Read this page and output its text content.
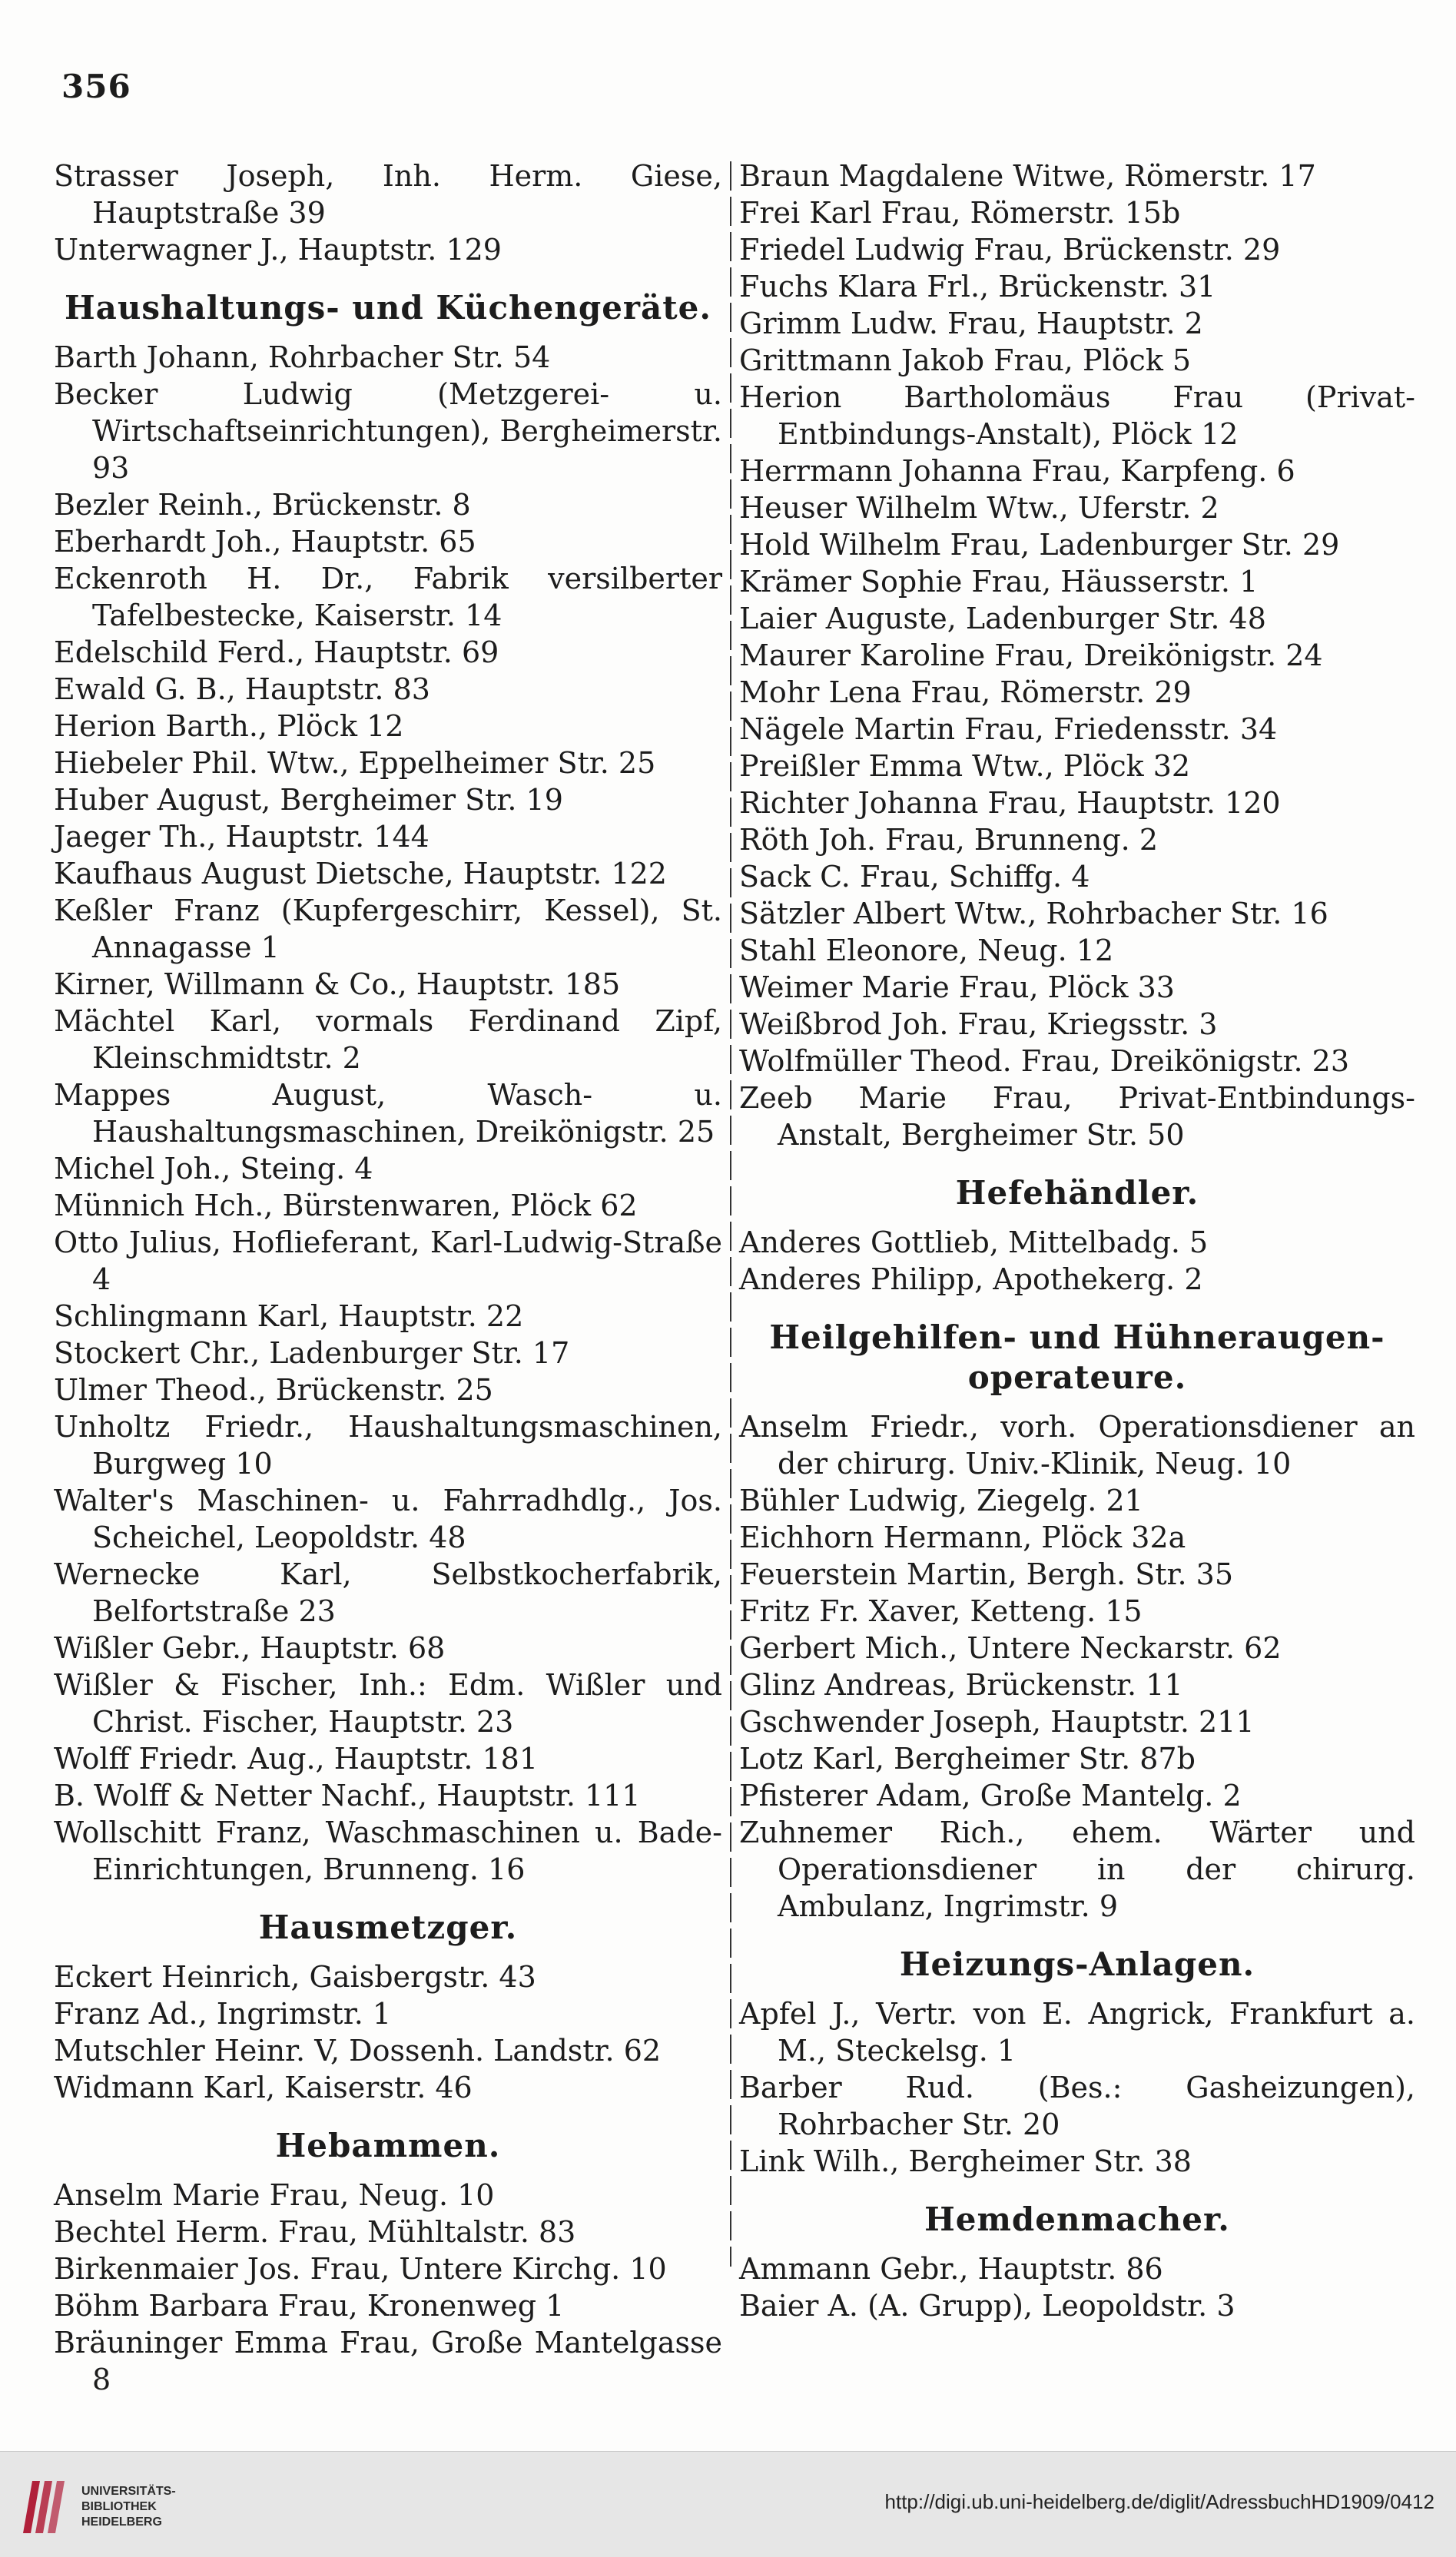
356
Strasser Joseph, Inh. Herm. Giese, Hauptstraße 39
Unterwagner J., Hauptstr. 129
Haushaltungs- und Küchengeräte.
Barth Johann, Rohrbacher Str. 54
Becker Ludwig (Metzgerei- u. Wirtschaftseinrichtungen), Bergheimerstr. 93
Bezler Reinh., Brückenstr. 8
Eberhardt Joh., Hauptstr. 65
Eckenroth H. Dr., Fabrik versilberter Tafelbestecke, Kaiserstr. 14
Edelschild Ferd., Hauptstr. 69
Ewald G. B., Hauptstr. 83
Herion Barth., Plöck 12
Hiebeler Phil. Wtw., Eppelheimer Str. 25
Huber August, Bergheimer Str. 19
Jaeger Th., Hauptstr. 144
Kaufhaus August Dietsche, Hauptstr. 122
Keßler Franz (Kupfergeschirr, Kessel), St. Annagasse 1
Kirner, Willmann & Co., Hauptstr. 185
Mächtel Karl, vormals Ferdinand Zipf, Kleinschmidtstr. 2
Mappes August, Wasch- u. Haushaltungsmaschinen, Dreikönigstr. 25
Michel Joh., Steing. 4
Münnich Hch., Bürstenwaren, Plöck 62
Otto Julius, Hoflieferant, Karl-Ludwig-Straße 4
Schlingmann Karl, Hauptstr. 22
Stockert Chr., Ladenburger Str. 17
Ulmer Theod., Brückenstr. 25
Unholtz Friedr., Haushaltungsmaschinen, Burgweg 10
Walter's Maschinen- u. Fahrradhdlg., Jos. Scheichel, Leopoldstr. 48
Wernecke Karl, Selbstkocherfabrik, Belfortstraße 23
Wißler Gebr., Hauptstr. 68
Wißler & Fischer, Inh.: Edm. Wißler und Christ. Fischer, Hauptstr. 23
Wolff Friedr. Aug., Hauptstr. 181
B. Wolff & Netter Nachf., Hauptstr. 111
Wollschitt Franz, Waschmaschinen u. Bade-Einrichtungen, Brunneng. 16
Hausmetzger.
Eckert Heinrich, Gaisbergstr. 43
Franz Ad., Ingrimstr. 1
Mutschler Heinr. V, Dossenh. Landstr. 62
Widmann Karl, Kaiserstr. 46
Hebammen.
Anselm Marie Frau, Neug. 10
Bechtel Herm. Frau, Mühltalstr. 83
Birkenmaier Jos. Frau, Untere Kirchg. 10
Böhm Barbara Frau, Kronenweg 1
Bräuninger Emma Frau, Große Mantelgasse 8
Braun Magdalene Witwe, Römerstr. 17
Frei Karl Frau, Römerstr. 15b
Friedel Ludwig Frau, Brückenstr. 29
Fuchs Klara Frl., Brückenstr. 31
Grimm Ludw. Frau, Hauptstr. 2
Grittmann Jakob Frau, Plöck 5
Herion Bartholomäus Frau (Privat-Entbindungs-Anstalt), Plöck 12
Herrmann Johanna Frau, Karpfeng. 6
Heuser Wilhelm Wtw., Uferstr. 2
Hold Wilhelm Frau, Ladenburger Str. 29
Krämer Sophie Frau, Häusserstr. 1
Laier Auguste, Ladenburger Str. 48
Maurer Karoline Frau, Dreikönigstr. 24
Mohr Lena Frau, Römerstr. 29
Nägele Martin Frau, Friedensstr. 34
Preißler Emma Wtw., Plöck 32
Richter Johanna Frau, Hauptstr. 120
Röth Joh. Frau, Brunneng. 2
Sack C. Frau, Schiffg. 4
Sätzler Albert Wtw., Rohrbacher Str. 16
Stahl Eleonore, Neug. 12
Weimer Marie Frau, Plöck 33
Weißbrod Joh. Frau, Kriegsstr. 3
Wolfmüller Theod. Frau, Dreikönigstr. 23
Zeeb Marie Frau, Privat-Entbindungs-Anstalt, Bergheimer Str. 50
Hefehändler.
Anderes Gottlieb, Mittelbadg. 5
Anderes Philipp, Apothekerg. 2
Heilgehilfen- und Hühneraugen-operateure.
Anselm Friedr., vorh. Operationsdiener an der chirurg. Univ.-Klinik, Neug. 10
Bühler Ludwig, Ziegelg. 21
Eichhorn Hermann, Plöck 32a
Feuerstein Martin, Bergh. Str. 35
Fritz Fr. Xaver, Ketteng. 15
Gerbert Mich., Untere Neckarstr. 62
Glinz Andreas, Brückenstr. 11
Gschwender Joseph, Hauptstr. 211
Lotz Karl, Bergheimer Str. 87b
Pfisterer Adam, Große Mantelg. 2
Zuhnemer Rich., ehem. Wärter und Operationsdiener in der chirurg. Ambulanz, Ingrimstr. 9
Heizungs-Anlagen.
Apfel J., Vertr. von E. Angrick, Frankfurt a. M., Steckelsg. 1
Barber Rud. (Bes.: Gasheizungen), Rohrbacher Str. 20
Link Wilh., Bergheimer Str. 38
Hemdenmacher.
Ammann Gebr., Hauptstr. 86
Baier A. (A. Grupp), Leopoldstr. 3
UNIVERSITÄTS-
BIBLIOTHEK
HEIDELBERG
http://digi.ub.uni-heidelberg.de/diglit/AdressbuchHD1909/0412
